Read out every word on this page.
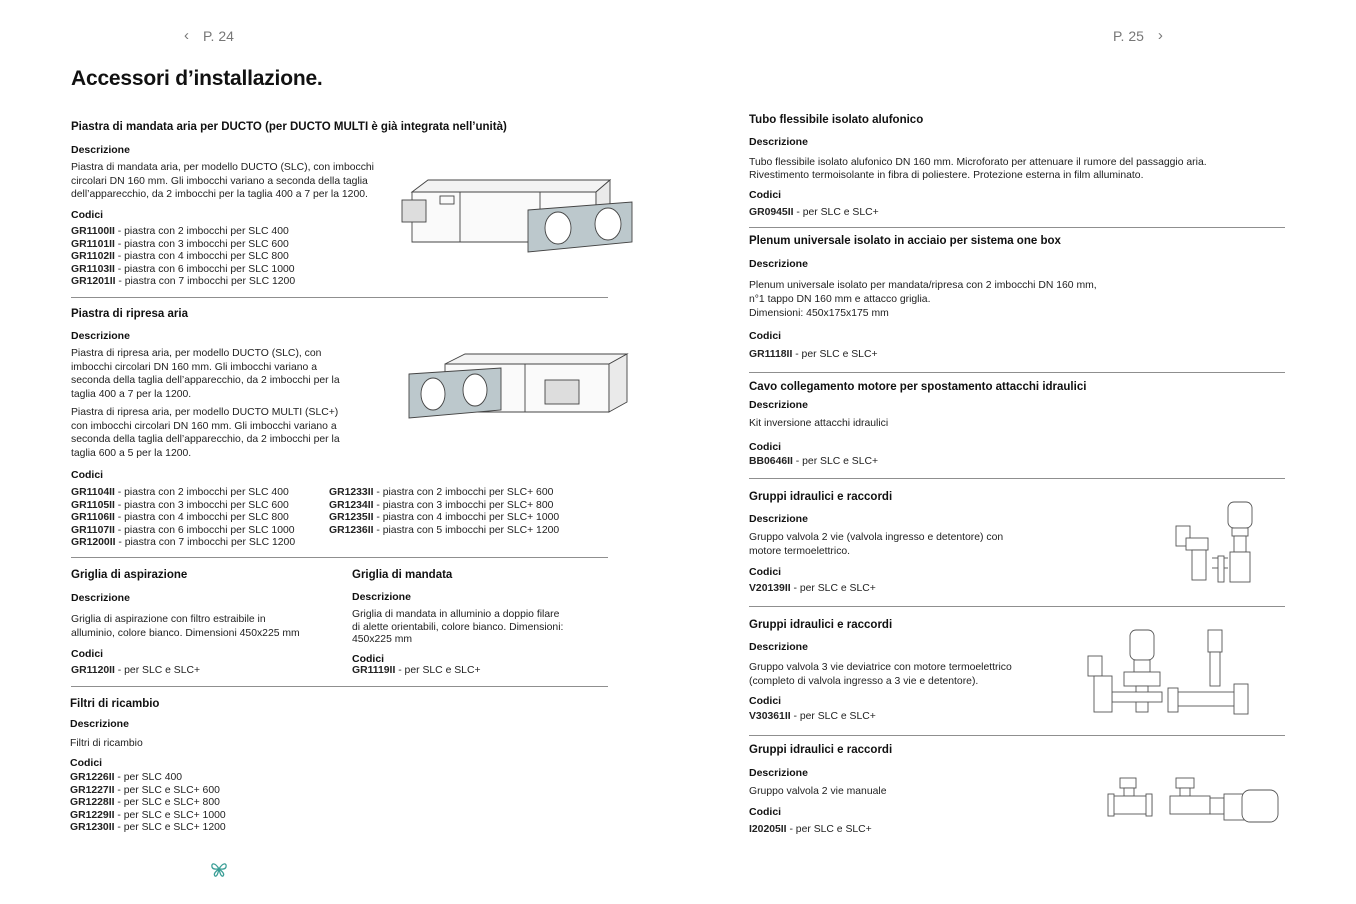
‹ P. 24	P. 25 ›
Accessori d’installazione.
Piastra di mandata aria per DUCTO (per DUCTO MULTI è già integrata nell’unità)
Descrizione
Piastra di mandata aria, per modello DUCTO (SLC), con imbocchi
circolari DN 160 mm. Gli imbocchi variano a seconda della taglia
dell’apparecchio, da 2 imbocchi per la taglia 400 a 7 per la 1200.
Codici
GR1100II - piastra con 2 imbocchi per SLC 400
GR1101II - piastra con 3 imbocchi per SLC 600
GR1102II - piastra con 4 imbocchi per SLC 800
GR1103II - piastra con 6 imbocchi per SLC 1000
GR1201II - piastra con 7 imbocchi per SLC 1200
Piastra di ripresa aria
Descrizione
Piastra di ripresa aria, per modello DUCTO (SLC), con
imbocchi circolari DN 160 mm. Gli imbocchi variano a
seconda della taglia dell’apparecchio, da 2 imbocchi per la
taglia 400 a 7 per la 1200.
Piastra di ripresa aria, per modello DUCTO MULTI (SLC+)
con imbocchi circolari DN 160 mm. Gli imbocchi variano a
seconda della taglia dell’apparecchio, da 2 imbocchi per la
taglia 600 a 5 per la 1200.
Codici
GR1104II - piastra con 2 imbocchi per SLC 400
GR1105II - piastra con 3 imbocchi per SLC 600
GR1106II - piastra con 4 imbocchi per SLC 800
GR1107II - piastra con 6 imbocchi per SLC 1000
GR1200II - piastra con 7 imbocchi per SLC 1200
GR1233II - piastra con 2 imbocchi per SLC+ 600
GR1234II - piastra con 3 imbocchi per SLC+ 800
GR1235II - piastra con 4 imbocchi per SLC+ 1000
GR1236II - piastra con 5 imbocchi per SLC+ 1200
Griglia di aspirazione
Descrizione
Griglia di aspirazione con filtro estraibile in
alluminio, colore bianco. Dimensioni 450x225 mm
Codici
GR1120II - per SLC e SLC+
Griglia di mandata
Descrizione
Griglia di mandata in alluminio a doppio filare
di alette orientabili, colore bianco. Dimensioni:
450x225 mm
Codici
GR1119II - per SLC e SLC+
Filtri di ricambio
Descrizione
Filtri di ricambio
Codici
GR1226II - per SLC 400
GR1227II - per SLC e SLC+ 600
GR1228II - per SLC e SLC+ 800
GR1229II - per SLC e SLC+ 1000
GR1230II - per SLC e SLC+ 1200
Tubo flessibile isolato alufonico
Descrizione
Tubo flessibile isolato alufonico DN 160 mm. Microforato per attenuare il rumore del passaggio aria.
Rivestimento termoisolante in fibra di poliestere. Protezione esterna in film alluminato.
Codici
GR0945II - per SLC e SLC+
Plenum universale isolato in acciaio per sistema one box
Descrizione
Plenum universale isolato per mandata/ripresa con 2 imbocchi DN 160 mm,
n°1 tappo DN 160 mm e attacco griglia.
Dimensioni: 450x175x175 mm
Codici
GR1118II - per SLC e SLC+
Cavo collegamento motore per spostamento attacchi idraulici
Descrizione
Kit inversione attacchi idraulici
Codici
BB0646II - per SLC e SLC+
Gruppi idraulici e raccordi
Descrizione
Gruppo valvola 2 vie (valvola ingresso e detentore) con
motore termoelettrico.
Codici
V20139II - per SLC e SLC+
Gruppi idraulici e raccordi
Descrizione
Gruppo valvola 3 vie deviatrice con motore termoelettrico
(completo di valvola ingresso a 3 vie e detentore).
Codici
V30361II - per SLC e SLC+
Gruppi idraulici e raccordi
Descrizione
Gruppo valvola 2 vie manuale
Codici
I20205II - per SLC e SLC+
